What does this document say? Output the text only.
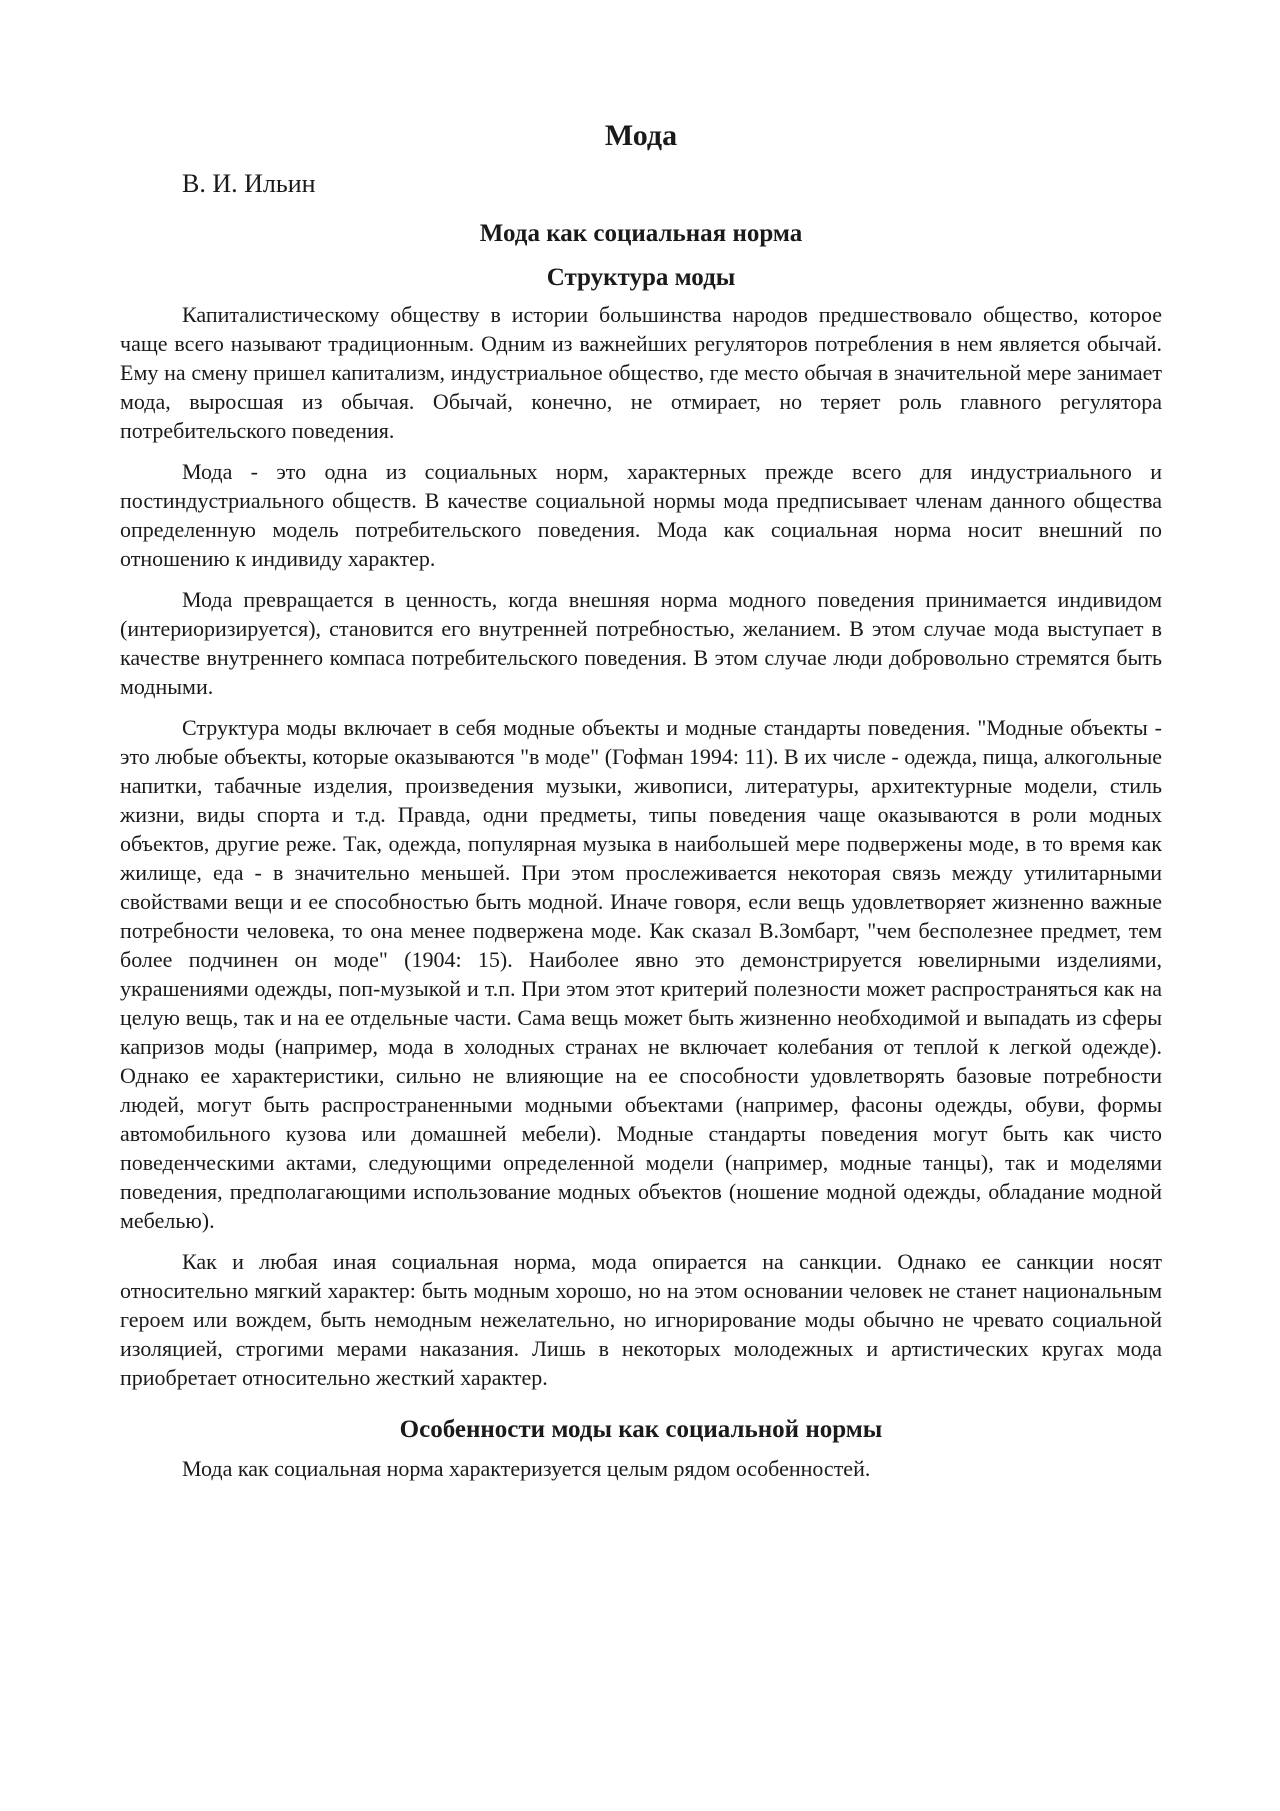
Мода
В. И. Ильин
Мода как социальная норма
Структура моды

Капиталистическому обществу в истории большинства народов предшествовало общество, которое чаще всего называют традиционным. Одним из важнейших регуляторов потребления в нем является обычай. Ему на смену пришел капитализм, индустриальное общество, где место обычая в значительной мере занимает мода, выросшая из обычая. Обычай, конечно, не отмирает, но теряет роль главного регулятора потребительского поведения.

Мода - это одна из социальных норм, характерных прежде всего для индустриального и постиндустриального обществ. В качестве социальной нормы мода предписывает членам данного общества определенную модель потребительского поведения. Мода как социальная норма носит внешний по отношению к индивиду характер.

Мода превращается в ценность, когда внешняя норма модного поведения принимается индивидом (интериоризируется), становится его внутренней потребностью, желанием. В этом случае мода выступает в качестве внутреннего компаса потребительского поведения. В этом случае люди добровольно стремятся быть модными.

Структура моды включает в себя модные объекты и модные стандарты поведения. "Модные объекты - это любые объекты, которые оказываются "в моде" (Гофман 1994: 11). В их числе - одежда, пища, алкогольные напитки, табачные изделия, произведения музыки, живописи, литературы, архитектурные модели, стиль жизни, виды спорта и т.д. Правда, одни предметы, типы поведения чаще оказываются в роли модных объектов, другие реже. Так, одежда, популярная музыка в наибольшей мере подвержены моде, в то время как жилище, еда - в значительно меньшей. При этом прослеживается некоторая связь между утилитарными свойствами вещи и ее способностью быть модной. Иначе говоря, если вещь удовлетворяет жизненно важные потребности человека, то она менее подвержена моде. Как сказал В.Зомбарт, "чем бесполезнее предмет, тем более подчинен он моде" (1904: 15). Наиболее явно это демонстрируется ювелирными изделиями, украшениями одежды, поп-музыкой и т.п. При этом этот критерий полезности может распространяться как на целую вещь, так и на ее отдельные части. Сама вещь может быть жизненно необходимой и выпадать из сферы капризов моды (например, мода в холодных странах не включает колебания от теплой к легкой одежде). Однако ее характеристики, сильно не влияющие на ее способности удовлетворять базовые потребности людей, могут быть распространенными модными объектами (например, фасоны одежды, обуви, формы автомобильного кузова или домашней мебели). Модные стандарты поведения могут быть как чисто поведенческими актами, следующими определенной модели (например, модные танцы), так и моделями поведения, предполагающими использование модных объектов (ношение модной одежды, обладание модной мебелью).

Как и любая иная социальная норма, мода опирается на санкции. Однако ее санкции носят относительно мягкий характер: быть модным хорошо, но на этом основании человек не станет национальным героем или вождем, быть немодным нежелательно, но игнорирование моды обычно не чревато социальной изоляцией, строгими мерами наказания. Лишь в некоторых молодежных и артистических кругах мода приобретает относительно жесткий характер.

Особенности моды как социальной нормы

Мода как социальная норма характеризуется целым рядом особенностей.
